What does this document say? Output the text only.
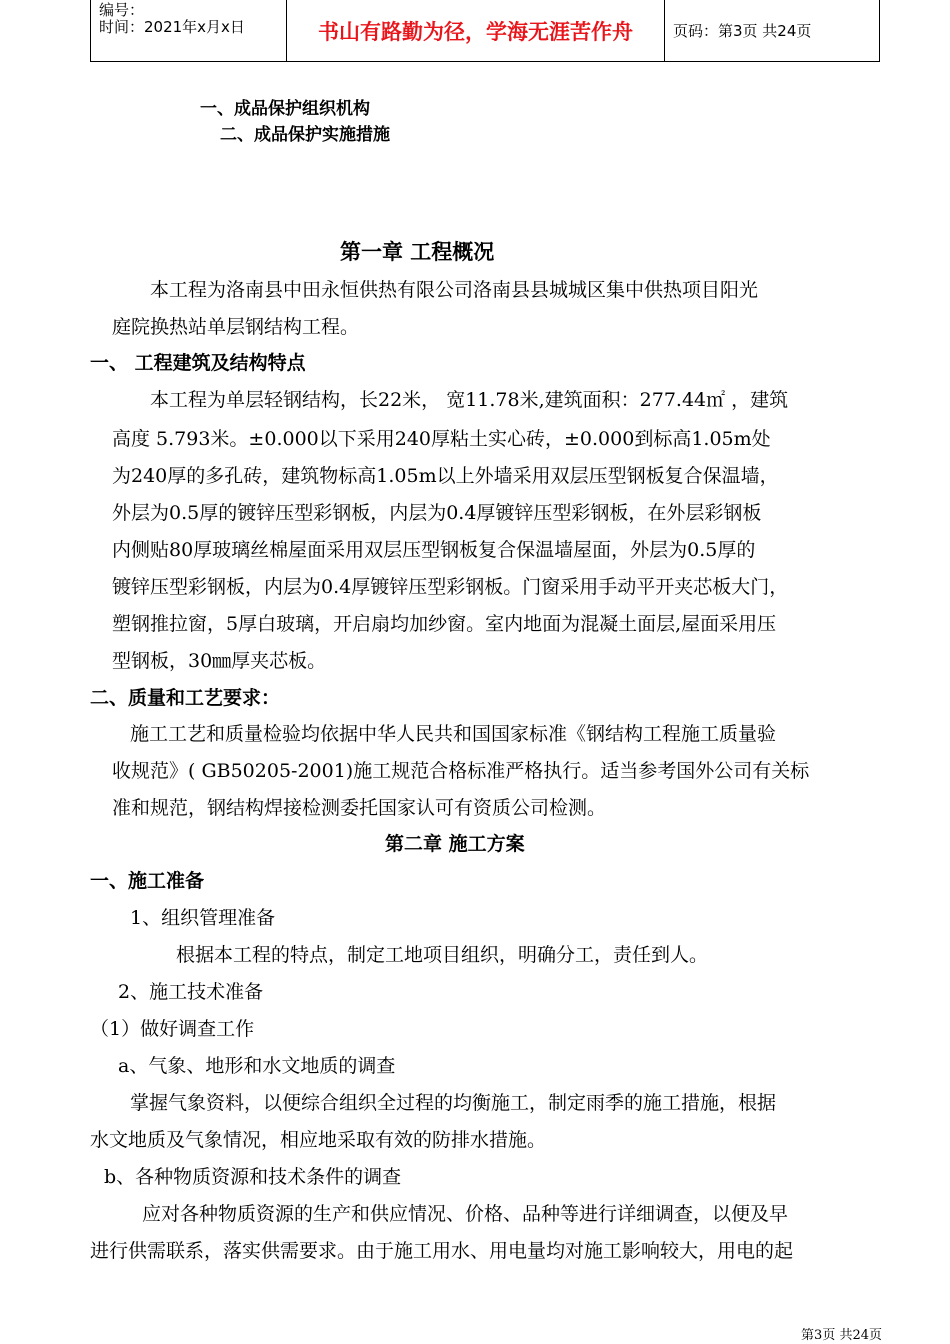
编号：
时间：2021年x月x日	书山有路勤为径，学海无涯苦作舟	页码：第3页 共24页
一、成品保护组织机构
二、成品保护实施措施
第一章 工程概况
本工程为洛南县中田永恒供热有限公司洛南县县城城区集中供热项目阳光
庭院换热站单层钢结构工程。
一、 工程建筑及结构特点
本工程为单层轻钢结构，长22米， 宽11.78米,建筑面积：277.44㎡ ，建筑
高度 5.793米。±0.000以下采用240厚粘土实心砖，±0.000到标高1.05m处
为240厚的多孔砖，建筑物标高1.05m以上外墙采用双层压型钢板复合保温墙，
外层为0.5厚的镀锌压型彩钢板，内层为0.4厚镀锌压型彩钢板，在外层彩钢板
内侧贴80厚玻璃丝棉屋面采用双层压型钢板复合保温墙屋面，外层为0.5厚的
镀锌压型彩钢板，内层为0.4厚镀锌压型彩钢板。门窗采用手动平开夹芯板大门，
塑钢推拉窗，5厚白玻璃，开启扇均加纱窗。室内地面为混凝土面层,屋面采用压
型钢板，30㎜厚夹芯板。
二、质量和工艺要求：
施工工艺和质量检验均依据中华人民共和国国家标准《钢结构工程施工质量验
收规范》( GB50205-2001)施工规范合格标准严格执行。适当参考国外公司有关标
准和规范，钢结构焊接检测委托国家认可有资质公司检测。
第二章 施工方案
一、施工准备
1、组织管理准备
根据本工程的特点，制定工地项目组织，明确分工，责任到人。
2、施工技术准备
（1）做好调查工作
a、气象、地形和水文地质的调查
掌握气象资料，以便综合组织全过程的均衡施工，制定雨季的施工措施，根据
水文地质及气象情况，相应地采取有效的防排水措施。
b、各种物质资源和技术条件的调查
应对各种物质资源的生产和供应情况、价格、品种等进行详细调查，以便及早
进行供需联系，落实供需要求。由于施工用水、用电量均对施工影响较大，用电的起
第3页 共24页
